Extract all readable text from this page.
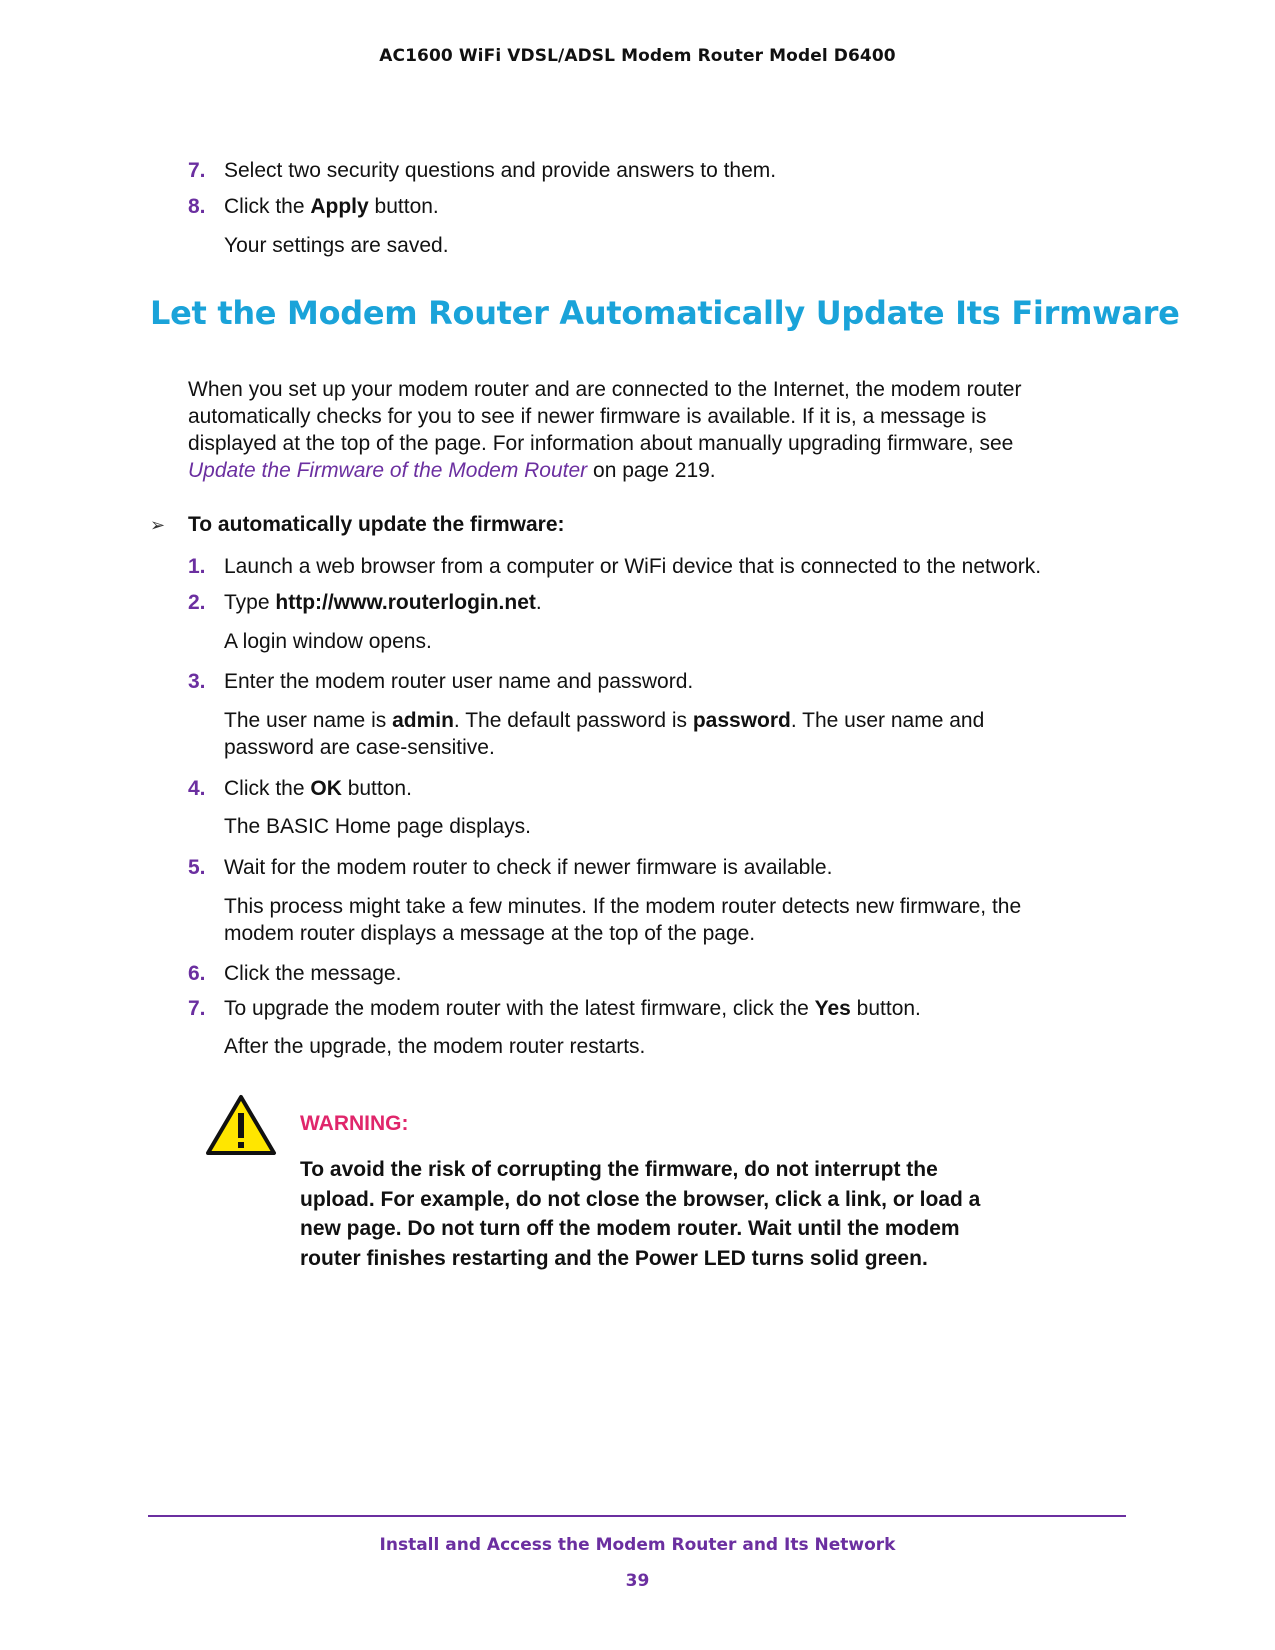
AC1600 WiFi VDSL/ADSL Modem Router Model D6400
7. Select two security questions and provide answers to them.
8. Click the Apply button.
Your settings are saved.
Let the Modem Router Automatically Update Its Firmware
When you set up your modem router and are connected to the Internet, the modem router
automatically checks for you to see if newer firmware is available. If it is, a message is
displayed at the top of the page. For information about manually upgrading firmware, see
Update the Firmware of the Modem Router on page 219.
➢ To automatically update the firmware:
1. Launch a web browser from a computer or WiFi device that is connected to the network.
2. Type http://www.routerlogin.net.
A login window opens.
3. Enter the modem router user name and password.
The user name is admin. The default password is password. The user name and
password are case-sensitive.
4. Click the OK button.
The BASIC Home page displays.
5. Wait for the modem router to check if newer firmware is available.
This process might take a few minutes. If the modem router detects new firmware, the
modem router displays a message at the top of the page.
6. Click the message.
7. To upgrade the modem router with the latest firmware, click the Yes button.
After the upgrade, the modem router restarts.
WARNING:
To avoid the risk of corrupting the firmware, do not interrupt the
upload. For example, do not close the browser, click a link, or load a
new page. Do not turn off the modem router. Wait until the modem
router finishes restarting and the Power LED turns solid green.
Install and Access the Modem Router and Its Network
39
